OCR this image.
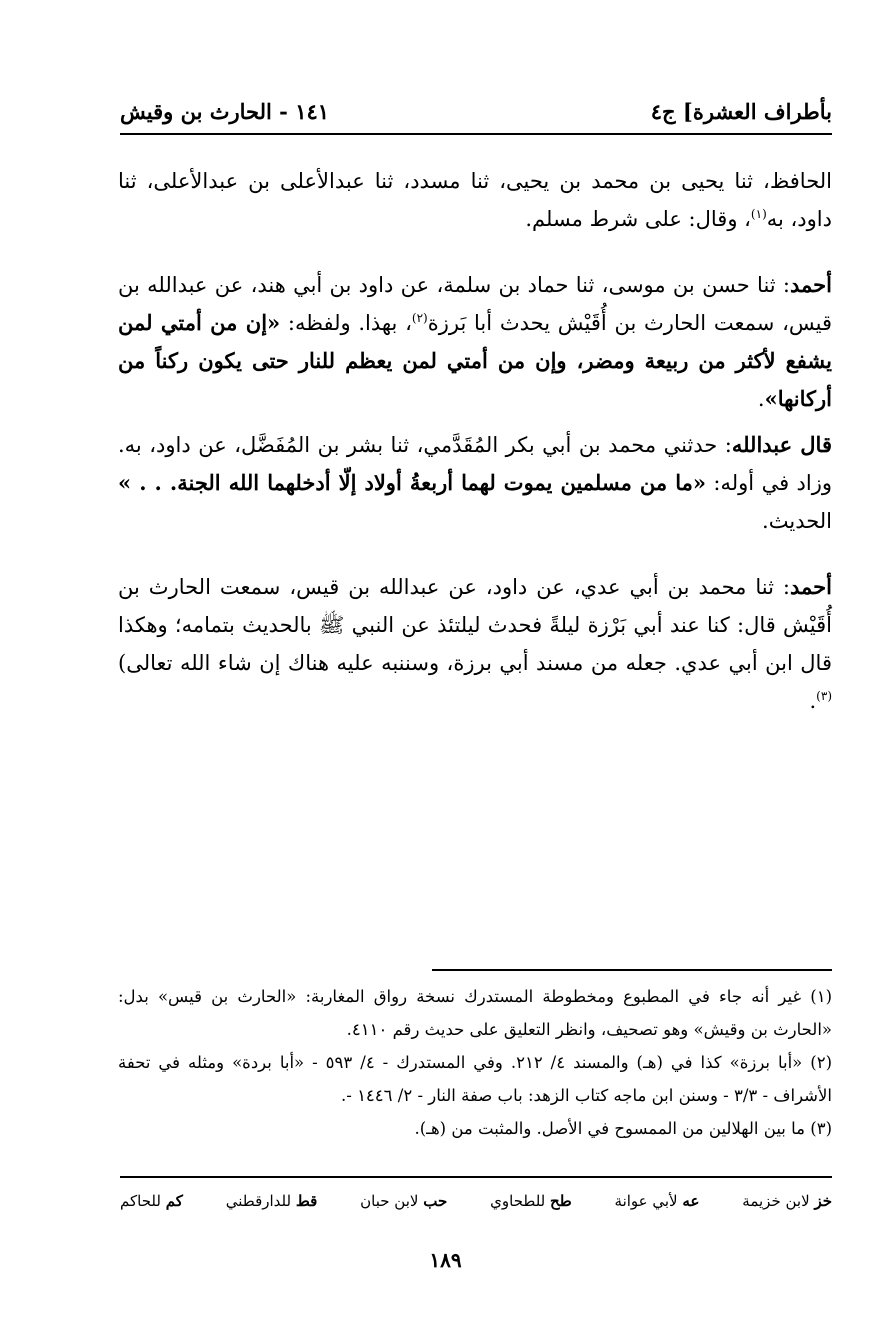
بأطراف العشرة] ج٤
١٤١ - الحارث بن وقيش

الحافظ، ثنا يحيى بن محمد بن يحيى، ثنا مسدد، ثنا عبدالأعلى بن عبدالأعلى، ثنا داود، به$^{(١)}$، وقال: على شرط مسلم.

أحمد: ثنا حسن بن موسى، ثنا حماد بن سلمة، عن داود بن أبي هند، عن عبدالله بن قيس، سمعت الحارث بن أُقَيْش يحدث أبا بَرزة$^{(٢)}$، بهذا. ولفظه: «إن من أمتي لمن يشفع لأكثر من ربيعة ومضر، وإن من أمتي لمن يعظم للنار حتى يكون ركناً من أركانها».

قال عبدالله: حدثني محمد بن أبي بكر المُقَدَّمي، ثنا بشر بن المُفَضَّل، عن داود، به. وزاد في أوله: «ما من مسلمين يموت لهما أربعةُ أولاد إلّا أدخلهما الله الجنة. . . » الحديث.

أحمد: ثنا محمد بن أبي عدي، عن داود، عن عبدالله بن قيس، سمعت الحارث بن أُقَيْش قال: كنا عند أبي بَرْزة ليلةً فحدث ليلتئذ عن النبي ﷺ بالحديث بتمامه؛ وهكذا قال ابن أبي عدي. جعله من مسند أبي برزة، وسننبه عليه هناك إن شاء الله تعالى)$^{(٣)}$.

(١) غير أنه جاء في المطبوع ومخطوطة المستدرك نسخة رواق المغاربة: «الحارث بن قيس» بدل: «الحارث بن وقيش» وهو تصحيف، وانظر التعليق على حديث رقم ٤١١٠.

(٢) «أبا برزة» كذا في (هـ) والمسند ٤/ ٢١٢. وفي المستدرك - ٤/ ٥٩٣ - «أبا بردة» ومثله في تحفة الأشراف - ٣/٣ - وسنن ابن ماجه كتاب الزهد: باب صفة النار - ٢/ ١٤٤٦ -.

(٣) ما بين الهلالين من الممسوح في الأصل. والمثبت من (هـ).

خز لابن خزيمة
عه لأبي عوانة
طح للطحاوي
حب لابن حبان
قط للدارقطني
كم للحاكم
١٨٩
